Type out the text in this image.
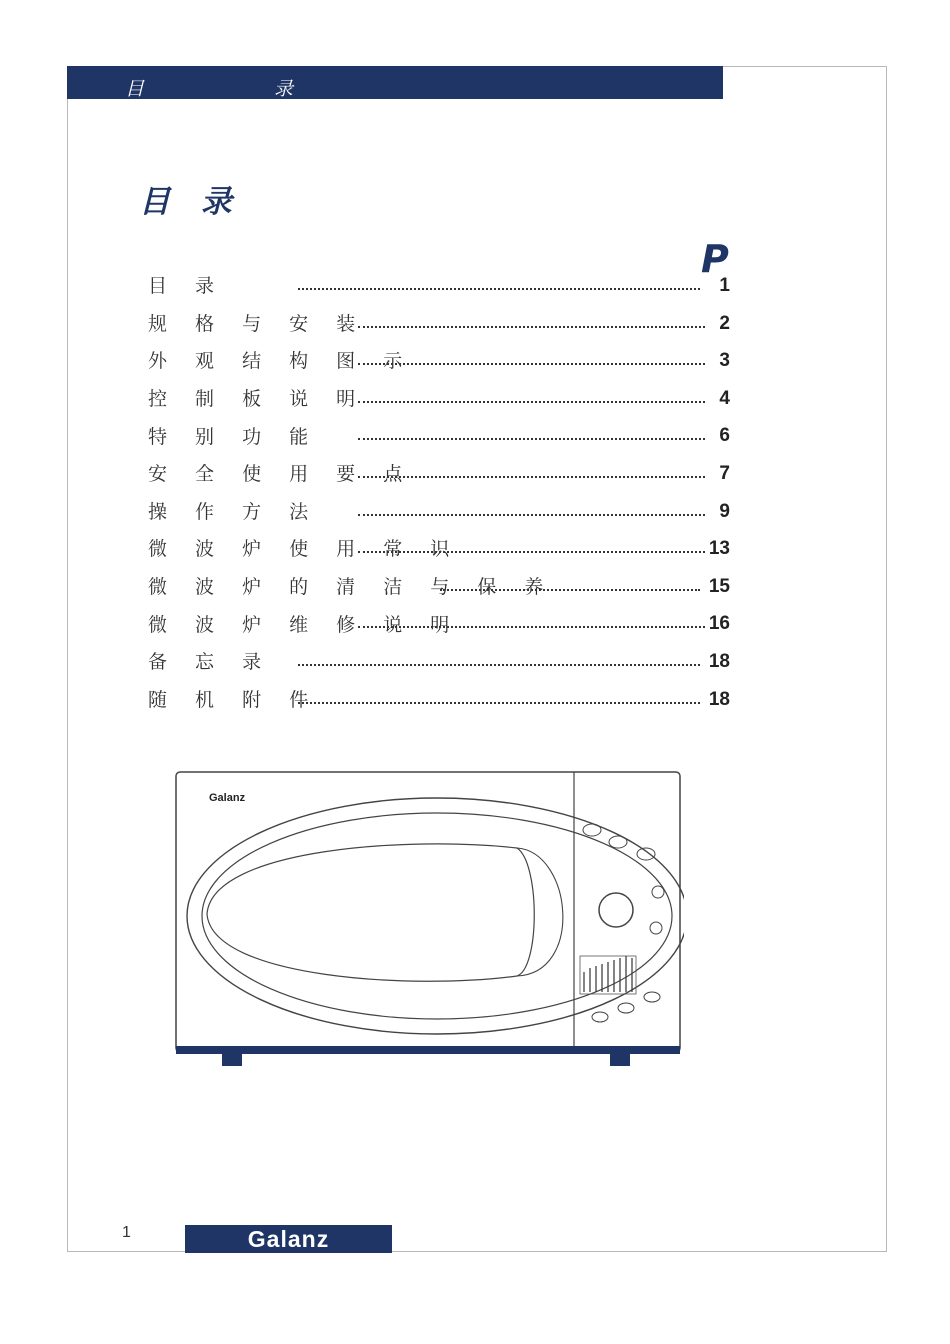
目 录
目 录
P
目 录	1
规 格 与 安 装	2
外 观 结 构 图 示	3
控 制 板 说 明	4
特 别 功 能	6
安 全 使 用 要 点	7
操 作 方 法	9
微 波 炉 使 用 常 识	13
微 波 炉 的 清 洁 与 保 养	15
微 波 炉 维 修 说 明	16
备 忘 录	18
随 机 附 件	18
Galanz
1	Galanz
